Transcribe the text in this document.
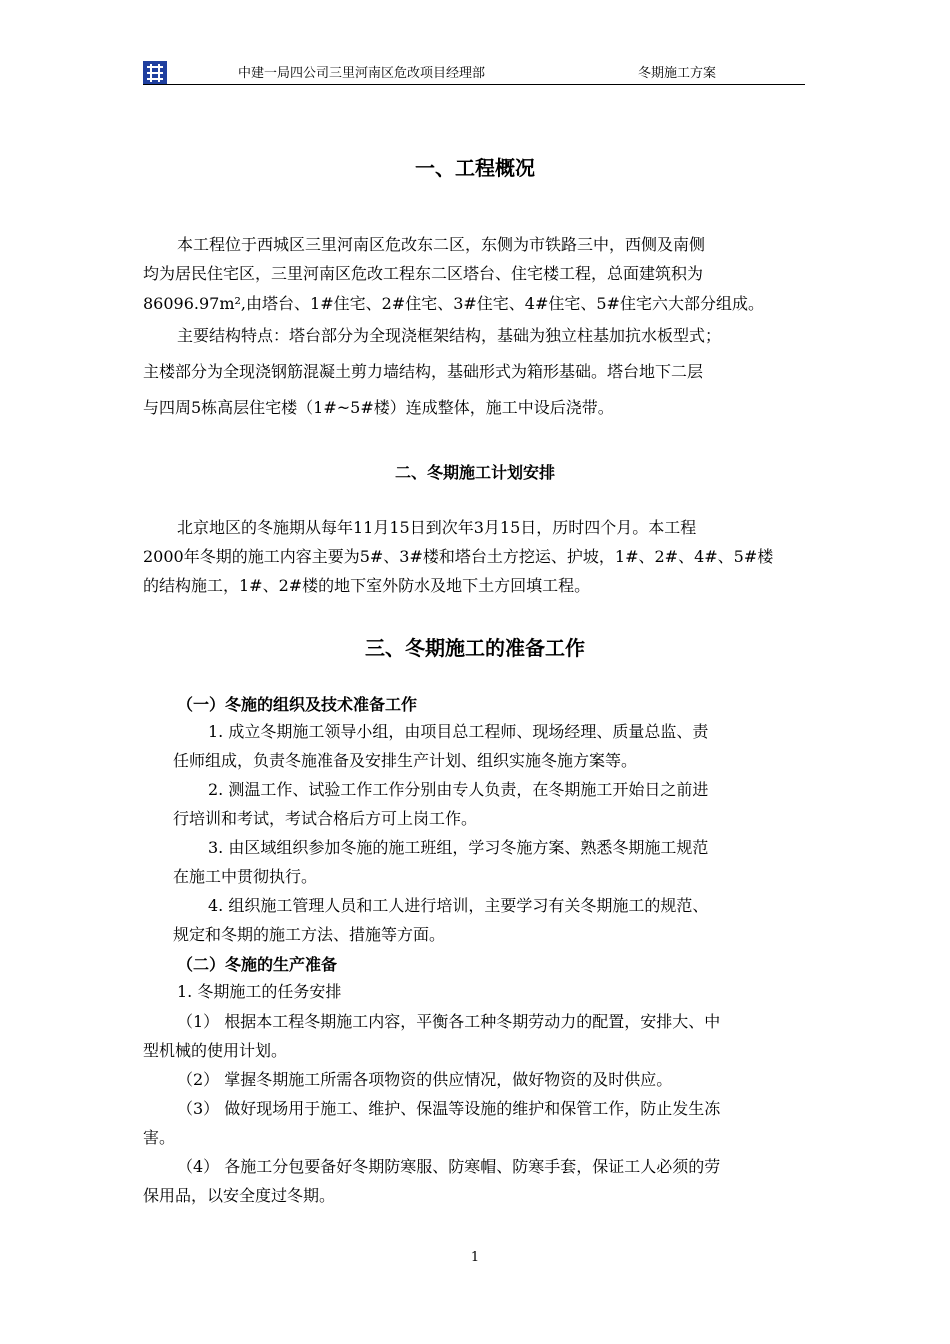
中建一局四公司三里河南区危改项目经理部	冬期施工方案
一、工程概况
本工程位于西城区三里河南区危改东二区，东侧为市铁路三中，西侧及南侧
均为居民住宅区，三里河南区危改工程东二区塔台、住宅楼工程，总面建筑积为
86096.97m²,由塔台、1#住宅、2#住宅、3#住宅、4#住宅、5#住宅六大部分组成。
主要结构特点：塔台部分为全现浇框架结构，基础为独立柱基加抗水板型式；
主楼部分为全现浇钢筋混凝土剪力墙结构，基础形式为箱形基础。塔台地下二层
与四周5栋高层住宅楼（1#~5#楼）连成整体，施工中设后浇带。
二、冬期施工计划安排
北京地区的冬施期从每年11月15日到次年3月15日，历时四个月。本工程
2000年冬期的施工内容主要为5#、3#楼和塔台土方挖运、护坡，1#、2#、4#、5#楼
的结构施工，1#、2#楼的地下室外防水及地下土方回填工程。
三、冬期施工的准备工作
（一）冬施的组织及技术准备工作
1. 成立冬期施工领导小组，由项目总工程师、现场经理、质量总监、责
任师组成，负责冬施准备及安排生产计划、组织实施冬施方案等。
2. 测温工作、试验工作工作分别由专人负责，在冬期施工开始日之前进
行培训和考试，考试合格后方可上岗工作。
3. 由区域组织参加冬施的施工班组，学习冬施方案、熟悉冬期施工规范
在施工中贯彻执行。
4. 组织施工管理人员和工人进行培训，主要学习有关冬期施工的规范、
规定和冬期的施工方法、措施等方面。
（二）冬施的生产准备
1. 冬期施工的任务安排
（1） 根据本工程冬期施工内容，平衡各工种冬期劳动力的配置，安排大、中
型机械的使用计划。
（2） 掌握冬期施工所需各项物资的供应情况，做好物资的及时供应。
（3） 做好现场用于施工、维护、保温等设施的维护和保管工作，防止发生冻
害。
（4） 各施工分包要备好冬期防寒服、防寒帽、防寒手套，保证工人必须的劳
保用品，以安全度过冬期。
1
